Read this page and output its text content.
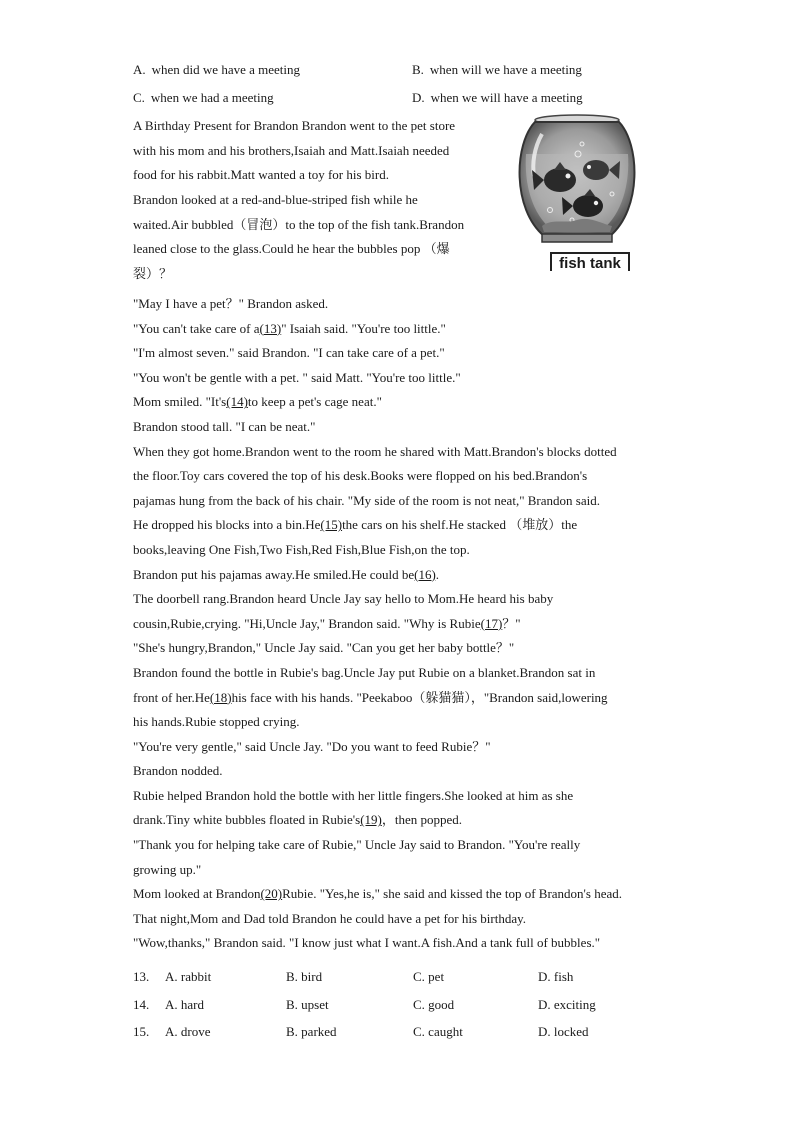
A. when did we have a meeting	B. when will we have a meeting
C. when we had a meeting	D. when we will have a meeting
A Birthday Present for Brandon Brandon went to the pet store
with his mom and his brothers,Isaiah and Matt.Isaiah needed
food for his rabbit.Matt wanted a toy for his bird.
Brandon looked at a red-and-blue-striped fish while he
waited.Air bubbled（冒泡）to the top of the fish tank.Brandon
leaned close to the glass.Could he hear the bubbles pop （爆
裂）？
fish tank
"May I have a pet？" Brandon asked.
"You can't take care of a(13)" Isaiah said. "You're too little."
"I'm almost seven." said Brandon. "I can take care of a pet."
"You won't be gentle with a pet. " said Matt. "You're too little."
Mom smiled. "It's(14)to keep a pet's cage neat."
Brandon stood tall. "I can be neat."
When they got home.Brandon went to the room he shared with Matt.Brandon's blocks dotted
the floor.Toy cars covered the top of his desk.Books were flopped on his bed.Brandon's
pajamas hung from the back of his chair. "My side of the room is not neat," Brandon said.
He dropped his blocks into a bin.He(15)the cars on his shelf.He stacked （堆放）the
books,leaving One Fish,Two Fish,Red Fish,Blue Fish,on the top.
Brandon put his pajamas away.He smiled.He could be(16).
The doorbell rang.Brandon heard Uncle Jay say hello to Mom.He heard his baby
cousin,Rubie,crying. "Hi,Uncle Jay," Brandon said. "Why is Rubie(17)？"
"She's hungry,Brandon," Uncle Jay said. "Can you get her baby bottle？"
Brandon found the bottle in Rubie's bag.Uncle Jay put Rubie on a blanket.Brandon sat in
front of her.He(18)his face with his hands. "Peekaboo（躲猫猫），"Brandon said,lowering
his hands.Rubie stopped crying.
"You're very gentle," said Uncle Jay. "Do you want to feed Rubie？"
Brandon nodded.
Rubie helped Brandon hold the bottle with her little fingers.She looked at him as she
drank.Tiny white bubbles floated in Rubie's(19)，then popped.
"Thank you for helping take care of Rubie," Uncle Jay said to Brandon. "You're really
growing up."
Mom looked at Brandon(20)Rubie. "Yes,he is," she said and kissed the top of Brandon's head.
That night,Mom and Dad told Brandon he could have a pet for his birthday.
"Wow,thanks," Brandon said. "I know just what I want.A fish.And a tank full of bubbles."
13. A. rabbit	B. bird	C. pet	D. fish
14. A. hard	B. upset	C. good	D. exciting
15. A. drove	B. parked	C. caught	D. locked
